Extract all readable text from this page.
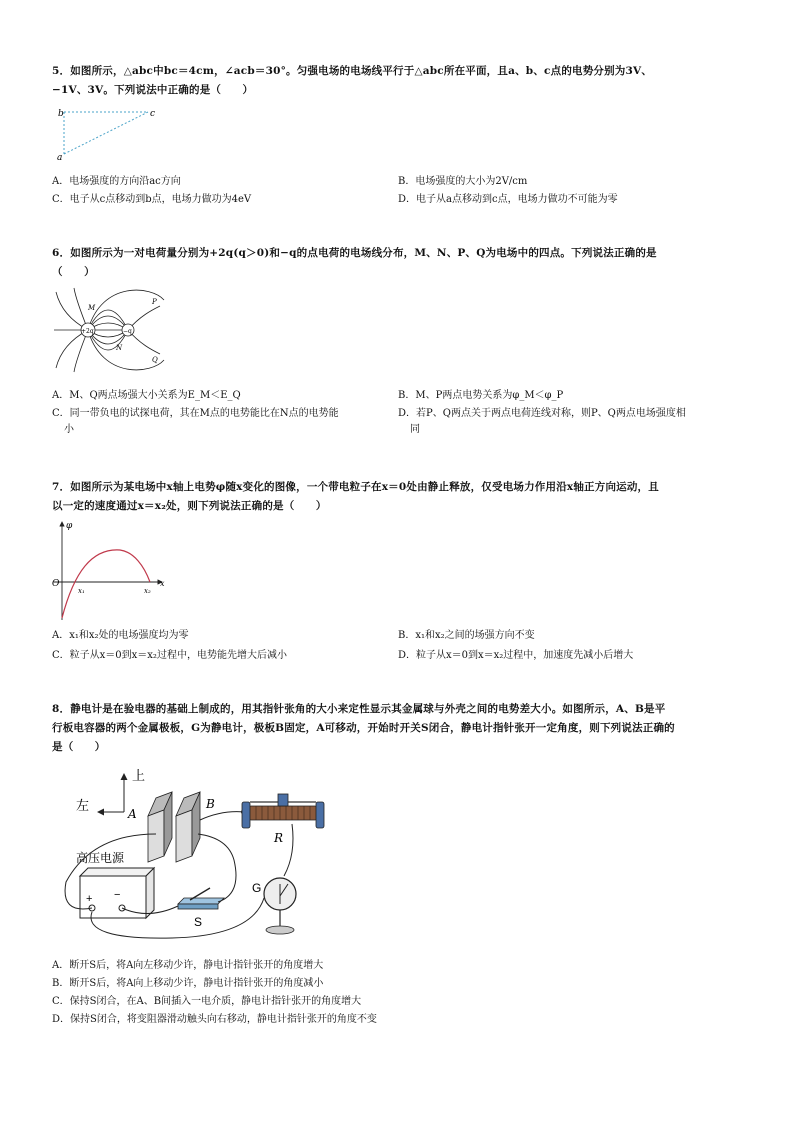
5．如图所示，△abc中bc＝4cm，∠acb＝30°。匀强电场的电场线平行于△abc所在平面，且a、b、c点的电势分别为3V、
−1V、3V。下列说法中正确的是（　　）
b	c
a
A．电场强度的方向沿ac方向	B．电场强度的大小为2V/cm
C．电子从c点移动到b点，电场力做功为4eV	D．电子从a点移动到c点，电场力做功不可能为零
6．如图所示为一对电荷量分别为+2q(q＞0)和−q的点电荷的电场线分布，M、N、P、Q为电场中的四点。下列说法正确的是
（　　）
+2q	−q
M
N
P
Q
A．M、Q两点场强大小关系为E_M＜E_Q	B．M、P两点电势关系为φ_M＜φ_P
C．同一带负电的试探电荷，其在M点的电势能比在N点的电势能
小
D．若P、Q两点关于两点电荷连线对称，则P、Q两点电场强度相
同
7．如图所示为某电场中x轴上电势φ随x变化的图像，一个带电粒子在x＝0处由静止释放，仅受电场力作用沿x轴正方向运动，且
以一定的速度通过x＝x₂处，则下列说法正确的是（　　）
φ
O	x
x₁	x₂
A．x₁和x₂处的电场强度均为零	B．x₁和x₂之间的场强方向不变
C．粒子从x＝0到x＝x₂过程中，电势能先增大后减小	D．粒子从x＝0到x＝x₂过程中，加速度先减小后增大
8．静电计是在验电器的基础上制成的，用其指针张角的大小来定性显示其金属球与外壳之间的电势差大小。如图所示，A、B是平
行板电容器的两个金属极板，G为静电计，极板B固定，A可移动，开始时开关S闭合，静电计指针张开一定角度，则下列说法正确的
是（　　）
上
左
A
B
R
G
高压电源
+ −
S
A．断开S后，将A向左移动少许，静电计指针张开的角度增大
B．断开S后，将A向上移动少许，静电计指针张开的角度减小
C．保持S闭合，在A、B间插入一电介质，静电计指针张开的角度增大
D．保持S闭合，将变阻器滑动触头向右移动，静电计指针张开的角度不变
